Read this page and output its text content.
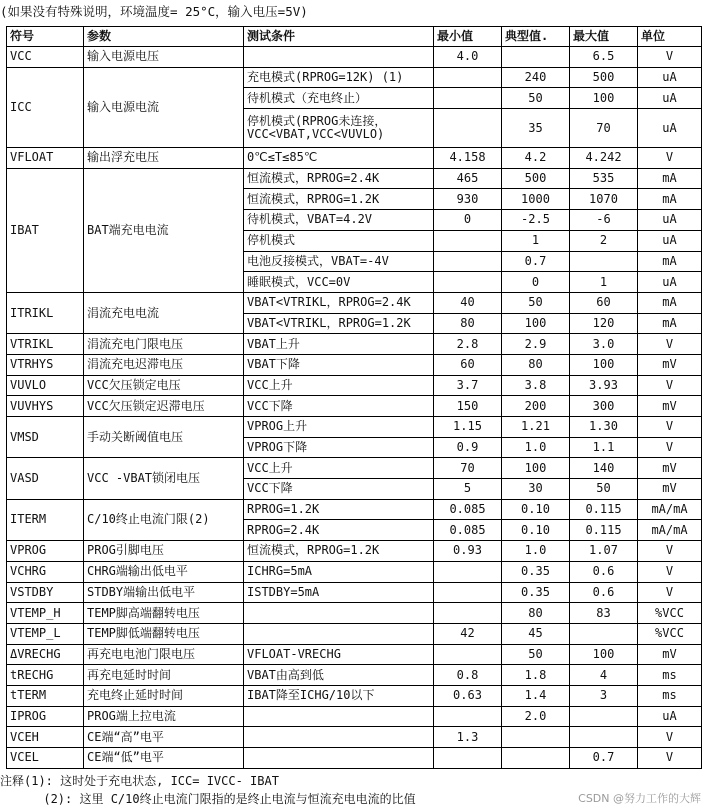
(如果没有特殊说明，环境温度= 25°C，输入电压=5V)
符号	参数	测试条件	最小值	典型值.	最大值	单位
VCC	输入电源电压		4.0		6.5	V
ICC	输入电源电流	充电模式(RPROG=12K) (1)		240	500	uA
		待机模式（充电终止）		50	100	uA
		停机模式(RPROG未连接，VCC<VBAT,VCC<VUVLO)		35	70	uA
VFLOAT	输出浮充电压	0℃≤T≤85℃	4.158	4.2	4.242	V
IBAT	BAT端充电电流	恒流模式，RPROG=2.4K	465	500	535	mA
		恒流模式，RPROG=1.2K	930	1000	1070	mA
		待机模式，VBAT=4.2V	0	-2.5	-6	uA
		停机模式		1	2	uA
		电池反接模式，VBAT=-4V		0.7		mA
		睡眠模式，VCC=0V		0	1	uA
ITRIKL	涓流充电电流	VBAT<VTRIKL，RPROG=2.4K	40	50	60	mA
		VBAT<VTRIKL，RPROG=1.2K	80	100	120	mA
VTRIKL	涓流充电门限电压	VBAT上升	2.8	2.9	3.0	V
VTRHYS	涓流充电迟滞电压	VBAT下降	60	80	100	mV
VUVLO	VCC欠压锁定电压	VCC上升	3.7	3.8	3.93	V
VUVHYS	VCC欠压锁定迟滞电压	VCC下降	150	200	300	mV
VMSD	手动关断阈值电压	VPROG上升	1.15	1.21	1.30	V
		VPROG下降	0.9	1.0	1.1	V
VASD	VCC -VBAT锁闭电压	VCC上升	70	100	140	mV
		VCC下降	5	30	50	mV
ITERM	C/10终止电流门限(2)	RPROG=1.2K	0.085	0.10	0.115	mA/mA
		RPROG=2.4K	0.085	0.10	0.115	mA/mA
VPROG	PROG引脚电压	恒流模式，RPROG=1.2K	0.93	1.0	1.07	V
VCHRG	CHRG端输出低电平	ICHRG=5mA		0.35	0.6	V
VSTDBY	STDBY端输出低电平	ISTDBY=5mA		0.35	0.6	V
VTEMP_H	TEMP脚高端翻转电压			80	83	%VCC
VTEMP_L	TEMP脚低端翻转电压		42	45		%VCC
ΔVRECHG	再充电电池门限电压	VFLOAT-VRECHG		50	100	mV
tRECHG	再充电延时时间	VBAT由高到低	0.8	1.8	4	ms
tTERM	充电终止延时时间	IBAT降至ICHG/10以下	0.63	1.4	3	ms
IPROG	PROG端上拉电流			2.0		uA
VCEH	CE端“高”电平		1.3			V
VCEL	CE端“低”电平				0.7	V
注释(1): 这时处于充电状态, ICC= IVCC- IBAT
(2): 这里 C/10终止电流门限指的是终止电流与恒流充电电流的比值	CSDN @努力工作的大辉
